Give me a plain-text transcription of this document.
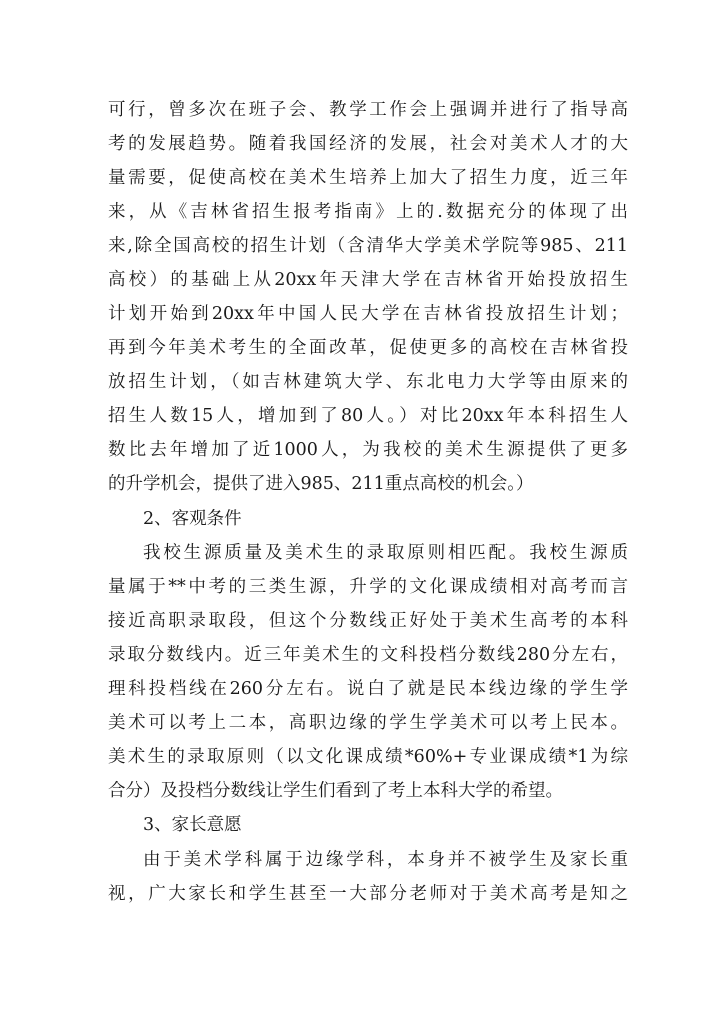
可行，曾多次在班子会、教学工作会上强调并进行了指导高
考的发展趋势。随着我国经济的发展，社会对美术人才的大
量需要，促使高校在美术生培养上加大了招生力度，近三年
来，从《吉林省招生报考指南》上的.数据充分的体现了出
来,除全国高校的招生计划（含清华大学美术学院等985、211
高校）的基础上从20xx年天津大学在吉林省开始投放招生
计划开始到20xx年中国人民大学在吉林省投放招生计划；
再到今年美术考生的全面改革，促使更多的高校在吉林省投
放招生计划，（如吉林建筑大学、东北电力大学等由原来的
招生人数15人，增加到了80人。）对比20xx年本科招生人
数比去年增加了近1000人，为我校的美术生源提供了更多
的升学机会，提供了进入985、211重点高校的机会。）
2、客观条件
我校生源质量及美术生的录取原则相匹配。我校生源质
量属于**中考的三类生源，升学的文化课成绩相对高考而言
接近高职录取段，但这个分数线正好处于美术生高考的本科
录取分数线内。近三年美术生的文科投档分数线280分左右，
理科投档线在260分左右。说白了就是民本线边缘的学生学
美术可以考上二本，高职边缘的学生学美术可以考上民本。
美术生的录取原则（以文化课成绩*60%+专业课成绩*1为综
合分）及投档分数线让学生们看到了考上本科大学的希望。
3、家长意愿
由于美术学科属于边缘学科，本身并不被学生及家长重
视，广大家长和学生甚至一大部分老师对于美术高考是知之
